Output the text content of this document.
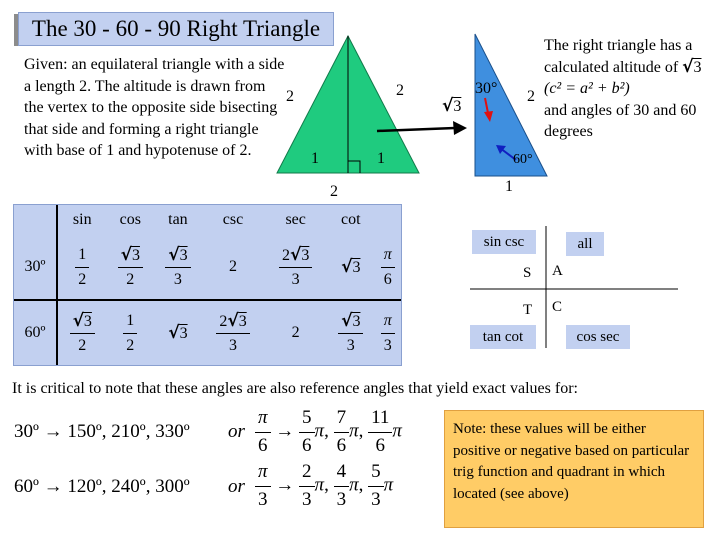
The 30 - 60 - 90 Right Triangle
Given: an equilateral triangle with a side a length 2. The altitude is drawn from the vertex to the opposite side bisecting that side and forming a right triangle with base of 1 and hypotenuse of 2.
2	2
1	1
2
30°
60°
2
1
√3
The right triangle has a calculated altitude of √3
(c² = a² + b²)
and angles of 30 and 60 degrees
	sin	cos	tan	csc	sec	cot	
30º	$\frac{1}{2}$	$\frac{√3}{2}$	$\frac{√3}{3}$	2	$\frac{2√3}{3}$	√3	$\frac{\pi}{6}$

60º	$\frac{√3}{2}$	$\frac{1}{2}$	√3	$\frac{2√3}{3}$	2	$\frac{√3}{3}$	$\frac{\pi}{3}$
sin csc	all
tan cot	cos sec
S A
T C
It is critical to note that these angles are also reference angles that yield exact values for:
30º → 150º, 210º, 330º or $\frac{\pi}{6} \to \frac{5}{6} \pi$, $\frac{7}{6} \pi$, $\frac{11}{6}$ π
60º → 120º, 240º, 300º or $\frac{\pi}{3} \to \frac{2}{3} \pi$, $\frac{4}{3} \pi$, $\frac{5}{3}$ π
Note: these values will be either positive or negative based on particular trig function and quadrant in which located (see above)
